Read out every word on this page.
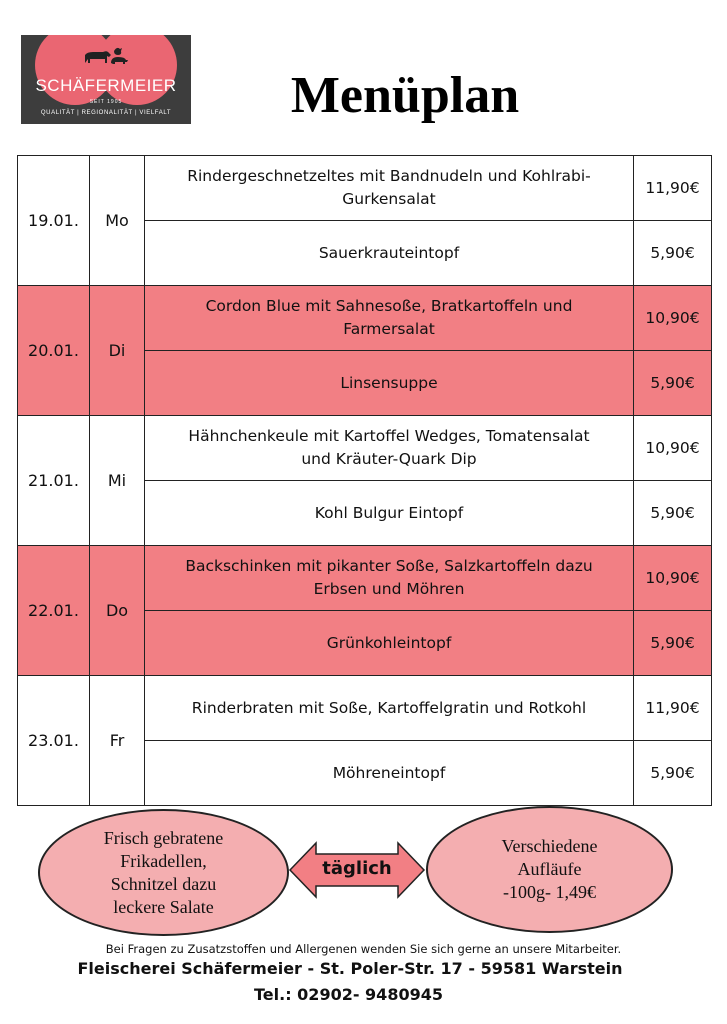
SCHÄFERMEIER
SEIT 1905
QUALITÄT | REGIONALITÄT | VIELFALT	Menüplan
19.01.	Mo	Rindergeschnetzeltes mit Bandnudeln und Kohlrabi-Gurkensalat	11,90€
		Sauerkrauteintopf	5,90€
20.01.	Di	Cordon Blue mit Sahnesoße, Bratkartoffeln und Farmersalat	10,90€
		Linsensuppe	5,90€
21.01.	Mi	Hähnchenkeule mit Kartoffel Wedges, Tomatensalat und Kräuter-Quark Dip	10,90€
		Kohl Bulgur Eintopf	5,90€
22.01.	Do	Backschinken mit pikanter Soße, Salzkartoffeln dazu Erbsen und Möhren	10,90€
		Grünkohleintopf	5,90€
23.01.	Fr	Rinderbraten mit Soße, Kartoffelgratin und Rotkohl	11,90€
		Möhreneintopf	5,90€
Frisch gebratene
Frikadellen,
Schnitzel dazu
leckere Salate
täglich
Verschiedene
Aufläufe
-100g- 1,49€
Bei Fragen zu Zusatzstoffen und Allergenen wenden Sie sich gerne an unsere Mitarbeiter.
Fleischerei Schäfermeier - St. Poler-Str. 17 - 59581 Warstein
Tel.: 02902- 9480945
